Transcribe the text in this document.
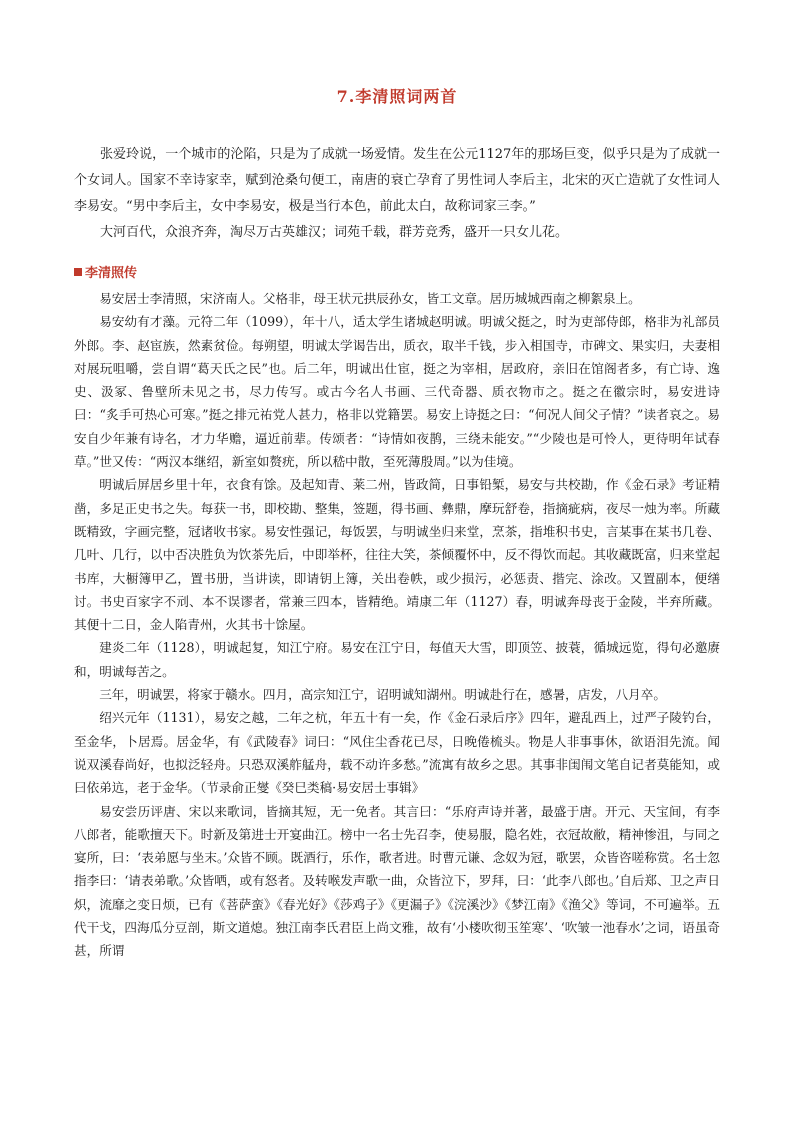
7.李清照词两首

张爱玲说，一个城市的沦陷，只是为了成就一场爱情。发生在公元1127年的那场巨变，似乎只是为了成就一个女词人。国家不幸诗家幸，赋到沧桑句便工，南唐的衰亡孕育了男性词人李后主，北宋的灭亡造就了女性词人李易安。“男中李后主，女中李易安，极是当行本色，前此太白，故称词家三李。”

大河百代，众浪齐奔，淘尽万古英雄汉；词苑千载，群芳竞秀，盛开一只女儿花。

李清照传

易安居士李清照，宋济南人。父格非，母王状元拱辰孙女，皆工文章。居历城城西南之柳絮泉上。

易安幼有才藻。元符二年（1099），年十八，适太学生诸城赵明诚。明诚父挺之，时为吏部侍郎，格非为礼部员外郎。李、赵宦族，然素贫俭。每朔望，明诚太学谒告出，质衣，取半千钱，步入相国寺，市碑文、果实归，夫妻相对展玩咀嚼，尝自谓“葛天氏之民”也。后二年，明诚出仕宦，挺之为宰相，居政府，亲旧在馆阁者多，有亡诗、逸史、汲冢、鲁壁所未见之书，尽力传写。或古今名人书画、三代奇器、质衣物市之。挺之在徽宗时，易安进诗曰：“炙手可热心可寒。”挺之排元祐党人甚力，格非以党籍罢。易安上诗挺之曰：“何况人间父子情？”读者哀之。易安自少年兼有诗名，才力华赡，逼近前辈。传颂者：“诗情如夜鹊，三绕未能安。”“少陵也是可怜人，更待明年试春草。”世又传：“两汉本继绍，新室如赘疣，所以嵇中散，至死薄殷周。”以为佳境。

明诚后屏居乡里十年，衣食有馀。及起知青、莱二州，皆政简，日事铅椠，易安与共校勘，作《金石录》考证精凿，多足正史书之失。每获一书，即校勘、整集，签题，得书画、彝鼎，摩玩舒卷，指摘疵病，夜尽一烛为率。所藏既精致，字画完整，冠诸收书家。易安性强记，每饭罢，与明诚坐归来堂，烹茶，指堆积书史，言某事在某书几卷、几叶、几行，以中否决胜负为饮茶先后，中即举杯，往往大笑，茶倾覆怀中，反不得饮而起。其收藏既富，归来堂起书库，大橱簿甲乙，置书册，当讲读，即请钥上簿，关出卷帙，或少损污，必惩责、揩完、涂改。又置副本，便缮讨。书史百家字不刓、本不误谬者，常兼三四本，皆精绝。靖康二年（1127）春，明诚奔母丧于金陵，半弃所藏。其便十二日，金人陷青州，火其书十馀屋。

建炎二年（1128），明诚起复，知江宁府。易安在江宁日，每值天大雪，即顶笠、披蓑，循城远览，得句必邀赓和，明诚每苦之。

三年，明诚罢，将家于赣水。四月，高宗知江宁，诏明诚知湖州。明诚赴行在，感暑，店发，八月卒。

绍兴元年（1131），易安之越，二年之杭，年五十有一矣，作《金石录后序》四年，避乱西上，过严子陵钓台，至金华，卜居焉。居金华，有《武陵春》词曰：“风住尘香花已尽，日晚倦梳头。物是人非事事休，欲语泪先流。闻说双溪春尚好，也拟泛轻舟。只恐双溪舴艋舟，载不动许多愁。”流寓有故乡之思。其事非闺闱文笔自记者莫能知，或曰依弟迒，老于金华。（节录俞正燮《癸巳类稿·易安居士事辑》

易安尝历评唐、宋以来歌词，皆摘其短，无一免者。其言曰：“乐府声诗并著，最盛于唐。开元、天宝间，有李八郎者，能歌擅天下。时新及第进士开宴曲江。榜中一名士先召李，使易服，隐名姓，衣冠故敝，精神惨沮，与同之宴所，曰：‘表弟愿与坐末。’众皆不顾。既酒行，乐作，歌者进。时曹元谦、念奴为冠，歌罢，众皆咨嗟称赏。名士忽指李曰：‘请表弟歌。’众皆哂，或有怒者。及转喉发声歌一曲，众皆泣下，罗拜，曰：‘此李八郎也。’自后郑、卫之声日炽，流靡之变日烦，已有《菩萨蛮》《春光好》《莎鸡子》《更漏子》《浣溪沙》《梦江南》《渔父》等词，不可遍举。五代干戈，四海瓜分豆剖，斯文道熄。独江南李氏君臣上尚文雅，故有‘小楼吹彻玉笙寒’、‘吹皱一池春水’之词，语虽奇甚，所谓
